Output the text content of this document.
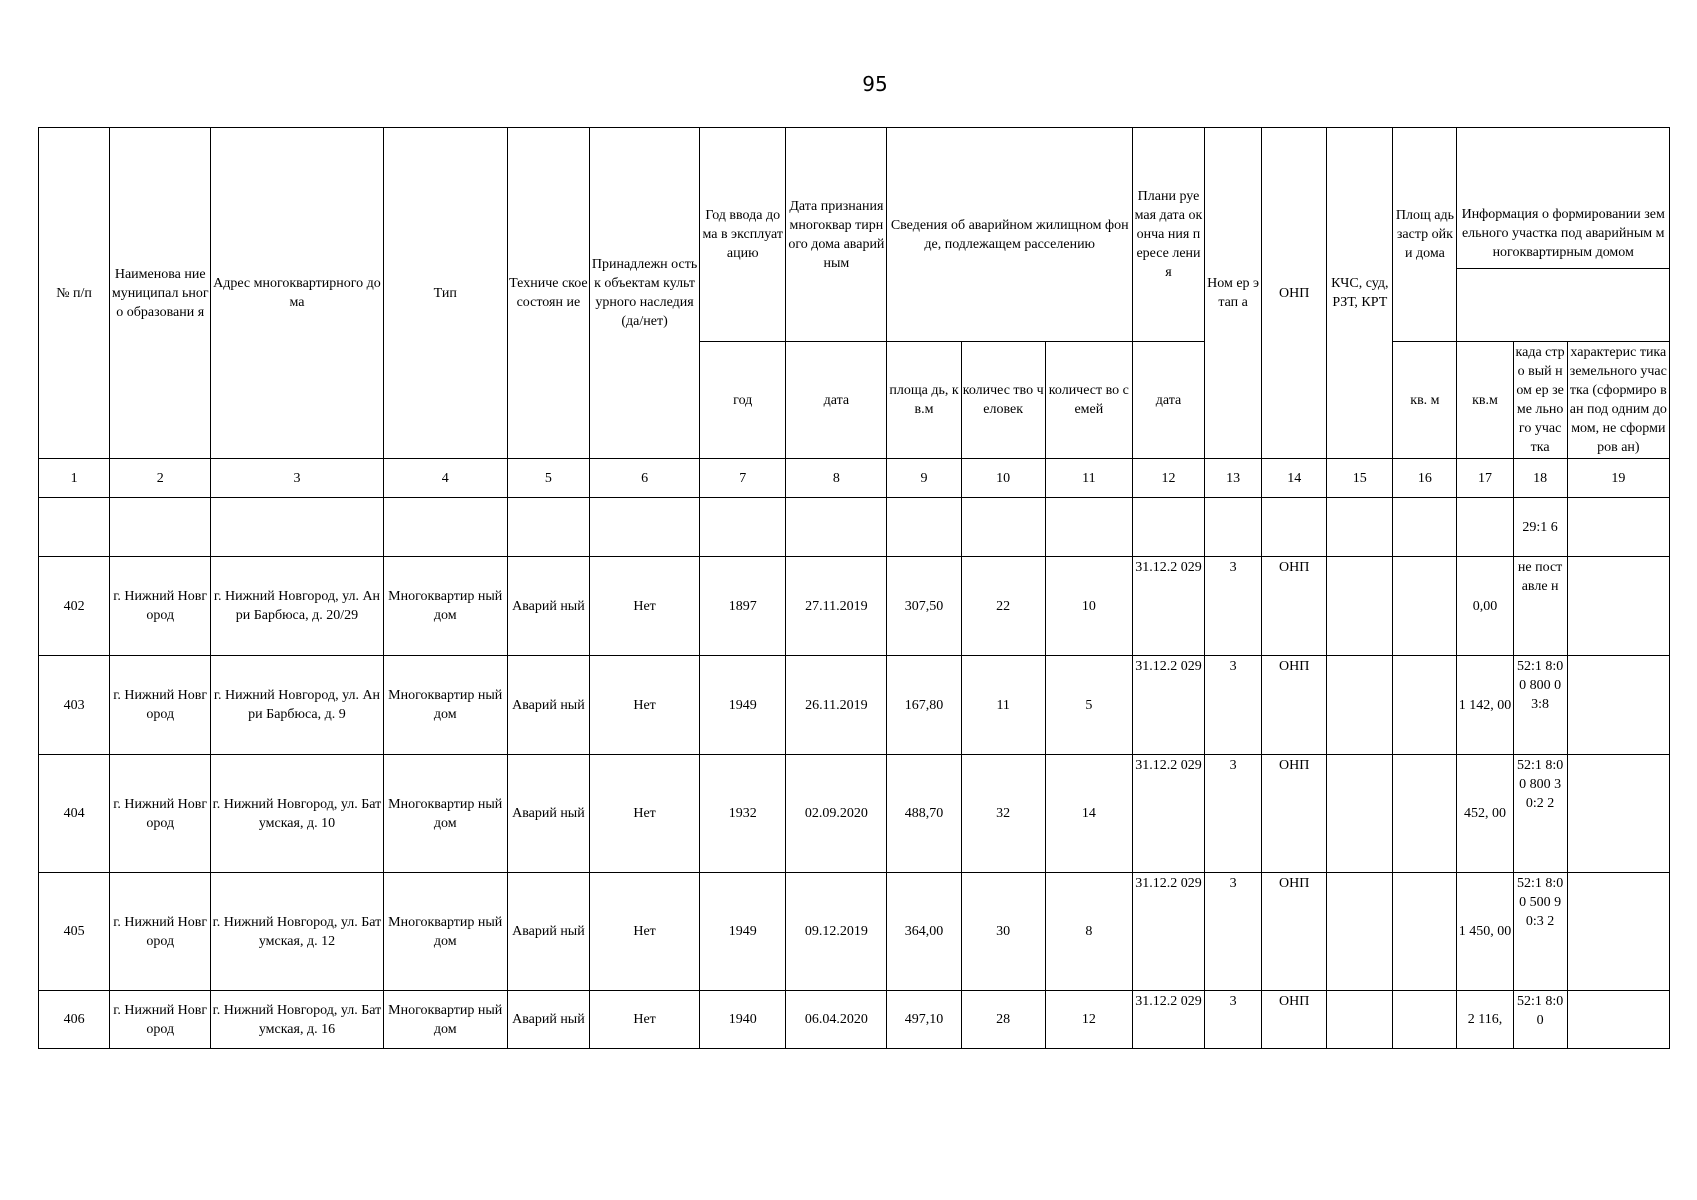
95
№ п/п	Наименова ние муниципал ьного образовани я	Адрес многоквартирного дома	Тип	Техниче ское состоян ие	Принадлежн ость к объектам культурного наследия (да/нет)	Год ввода дома в эксплуат ацию	Дата признания многоквар тирного дома аварийным	Сведения об аварийном жилищном фонде, подлежащем расселению			Плани руемая дата оконча ния пересе ления	Ном ер этап а	ОНП	КЧС, суд, РЗТ, КРТ	Площ адь застр ойки дома	Информация о формировании земельного участка под аварийным многоквартирным домом		

						год	дата	площа дь, кв.м	количес тво человек	количест во семей	дата				кв. м	кв.м	када стро вый ном ер земе льно го учас тка	характерис тика земельного участка (сформиро ван под одним домом, не сформиров ан)
1	2	3	4	5	6	7	8	9	10	11	12	13	14	15	16	17	18	19
																	29:1 6	
402	г. Нижний Новгород	г. Нижний Новгород, ул. Анри Барбюса, д. 20/29	Многоквартир ный дом	Аварий ный	Нет	1897	27.11.2019	307,50	22	10	31.12.2 029	3	ОНП			0,00	не пост авле н	
403	г. Нижний Новгород	г. Нижний Новгород, ул. Анри Барбюса, д. 9	Многоквартир ный дом	Аварий ный	Нет	1949	26.11.2019	167,80	11	5	31.12.2 029	3	ОНП			1 142, 00	52:1 8:00 800 03:8	
404	г. Нижний Новгород	г. Нижний Новгород, ул. Батумская, д. 10	Многоквартир ный дом	Аварий ный	Нет	1932	02.09.2020	488,70	32	14	31.12.2 029	3	ОНП			452, 00	52:1 8:00 800 30:2 2	
405	г. Нижний Новгород	г. Нижний Новгород, ул. Батумская, д. 12	Многоквартир ный дом	Аварий ный	Нет	1949	09.12.2019	364,00	30	8	31.12.2 029	3	ОНП			1 450, 00	52:1 8:00 500 90:3 2	
406	г. Нижний Новгород	г. Нижний Новгород, ул. Батумская, д. 16	Многоквартир ный дом	Аварий ный	Нет	1940	06.04.2020	497,10	28	12	31.12.2 029	3	ОНП			2 116,	52:1 8:00	
